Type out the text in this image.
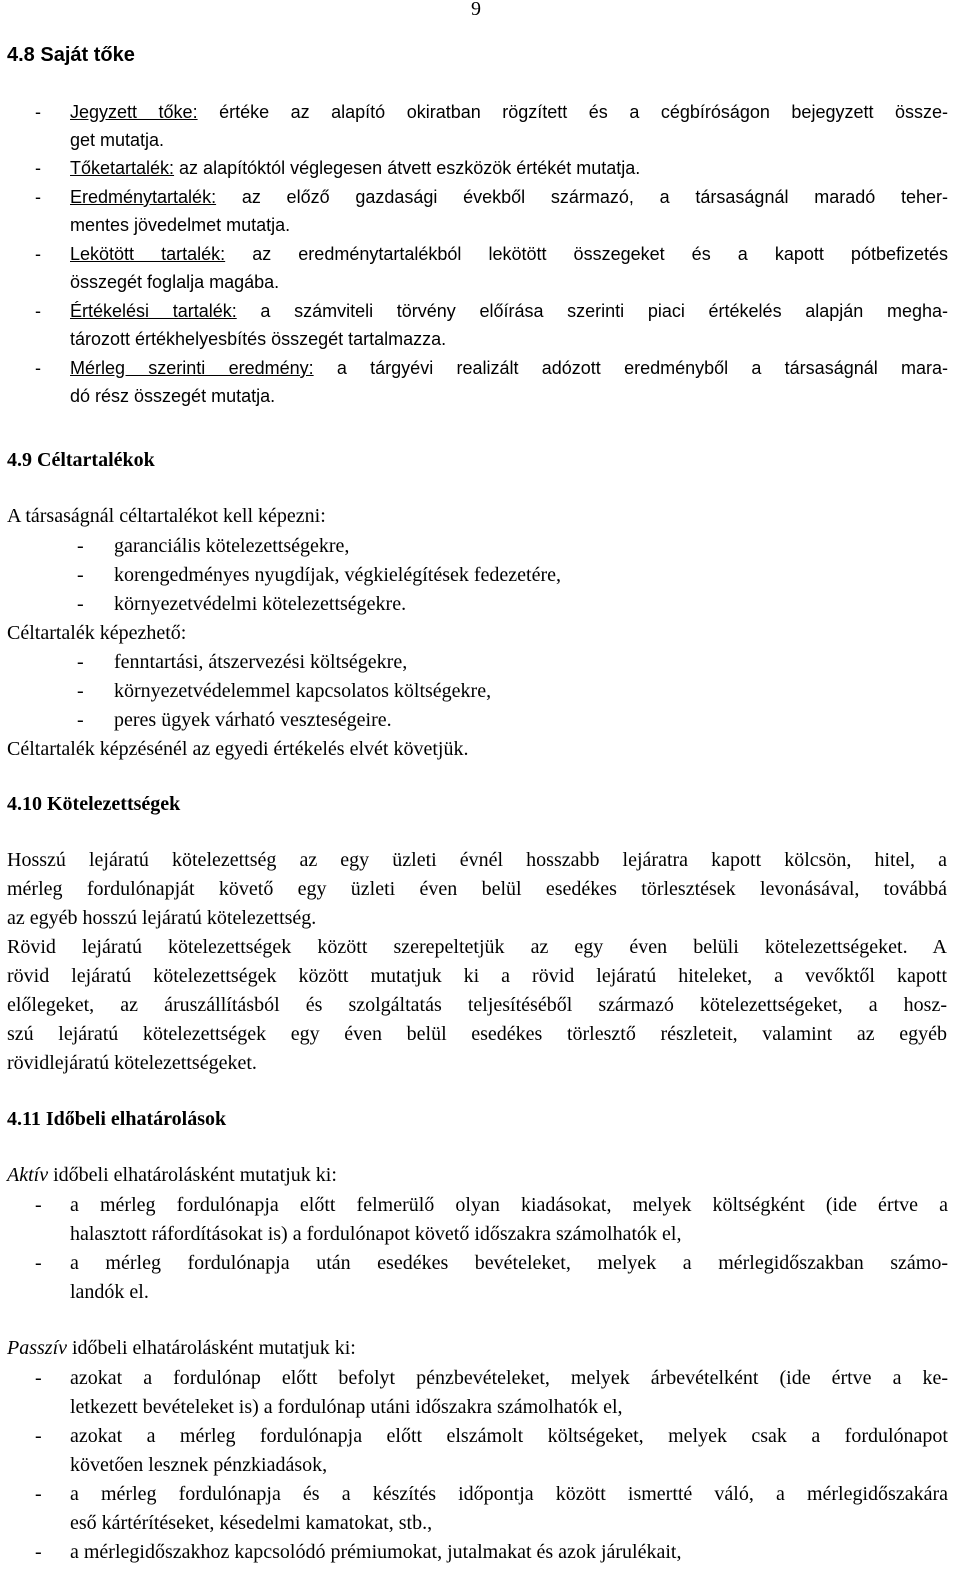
9
4.8 Saját tőke
- Jegyzett tőke: értéke az alapító okiratban rögzített és a cégbíróságon bejegyzett össze-
get mutatja.
- Tőketartalék: az alapítóktól véglegesen átvett eszközök értékét mutatja.
- Eredménytartalék: az előző gazdasági évekből származó, a társaságnál maradó teher-
mentes jövedelmet mutatja.
- Lekötött tartalék: az eredménytartalékból lekötött összegeket és a kapott pótbefizetés
összegét foglalja magába.
- Értékelési tartalék: a számviteli törvény előírása szerinti piaci értékelés alapján megha-
tározott értékhelyesbítés összegét tartalmazza.
- Mérleg szerinti eredmény: a tárgyévi realizált adózott eredményből a társaságnál mara-
dó rész összegét mutatja.
4.9 Céltartalékok
A társaságnál céltartalékot kell képezni:
- garanciális kötelezettségekre,
- korengedményes nyugdíjak, végkielégítések fedezetére,
- környezetvédelmi kötelezettségekre.
Céltartalék képezhető:
- fenntartási, átszervezési költségekre,
- környezetvédelemmel kapcsolatos költségekre,
- peres ügyek várható veszteségeire.
Céltartalék képzésénél az egyedi értékelés elvét követjük.
4.10 Kötelezettségek
Hosszú lejáratú kötelezettség az egy üzleti évnél hosszabb lejáratra kapott kölcsön, hitel, a
mérleg fordulónapját követő egy üzleti éven belül esedékes törlesztések levonásával, továbbá
az egyéb hosszú lejáratú kötelezettség.
Rövid lejáratú kötelezettségek között szerepeltetjük az egy éven belüli kötelezettségeket. A
rövid lejáratú kötelezettségek között mutatjuk ki a rövid lejáratú hiteleket, a vevőktől kapott
előlegeket, az áruszállításból és szolgáltatás teljesítéséből származó kötelezettségeket, a hosz-
szú lejáratú kötelezettségek egy éven belül esedékes törlesztő részleteit, valamint az egyéb
rövidlejáratú kötelezettségeket.
4.11 Időbeli elhatárolások
Aktív időbeli elhatárolásként mutatjuk ki:
- a mérleg fordulónapja előtt felmerülő olyan kiadásokat, melyek költségként (ide értve a
halasztott ráfordításokat is) a fordulónapot követő időszakra számolhatók el,
- a mérleg fordulónapja után esedékes bevételeket, melyek a mérlegidőszakban számo-
landók el.
Passzív időbeli elhatárolásként mutatjuk ki:
- azokat a fordulónap előtt befolyt pénzbevételeket, melyek árbevételként (ide értve a ke-
letkezett bevételeket is) a fordulónap utáni időszakra számolhatók el,
- azokat a mérleg fordulónapja előtt elszámolt költségeket, melyek csak a fordulónapot
követően lesznek pénzkiadások,
- a mérleg fordulónapja és a készítés időpontja között ismertté váló, a mérlegidőszakára
eső kártérítéseket, késedelmi kamatokat, stb.,
- a mérlegidőszakhoz kapcsolódó prémiumokat, jutalmakat és azok járulékait,
